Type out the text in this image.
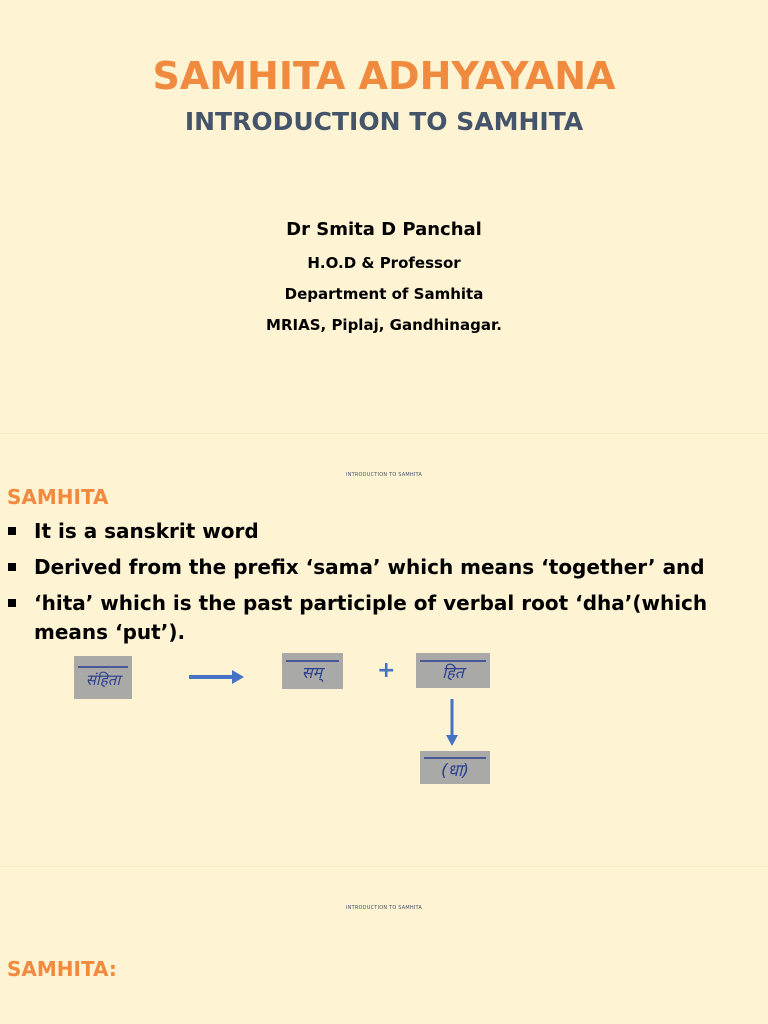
SAMHITA ADHYAYANA
INTRODUCTION TO SAMHITA
Dr Smita D Panchal
H.O.D & Professor
Department of Samhita
MRIAS, Piplaj, Gandhinagar.
INTRODUCTION TO SAMHITA
SAMHITA
It is a sanskrit word
Derived from the prefix ‘sama’ which means ‘together’ and
‘hita’ which is the past participle of verbal root ‘dha’(which means ‘put’).
संहिता	सम् +	हित
(धा)
INTRODUCTION TO SAMHITA
SAMHITA:
